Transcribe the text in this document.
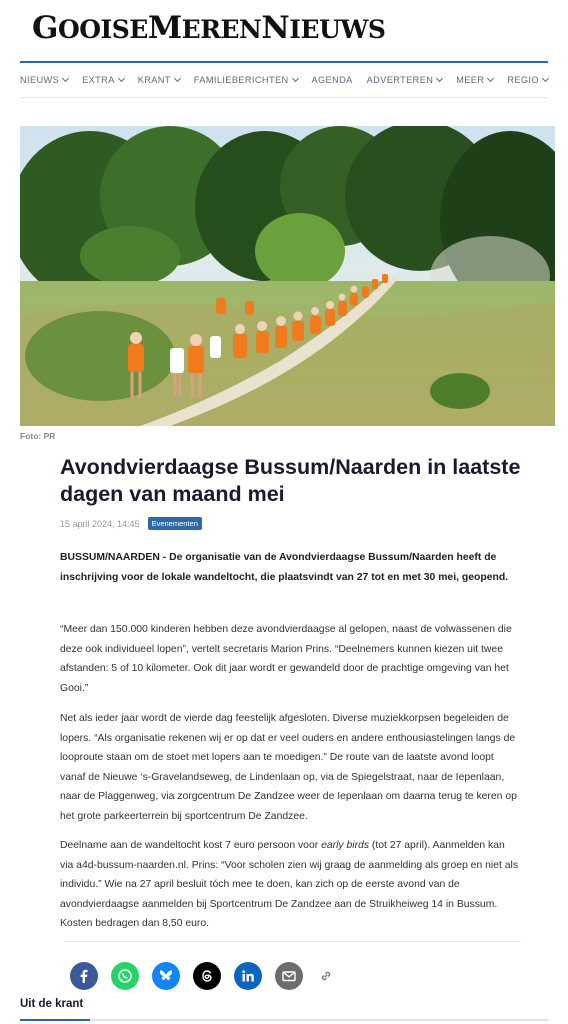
GOOISEMERENNIEUWS
NIEUWS EXTRA KRANT FAMILIEBERICHTEN AGENDA ADVERTEREN MEER REGIO
Foto: PR
Avondvierdaagse Bussum/Naarden in laatste dagen van maand mei
15 april 2024, 14:45	Evenementen

BUSSUM/NAARDEN - De organisatie van de Avondvierdaagse Bussum/Naarden heeft de inschrijving voor de lokale wandeltocht, die plaatsvindt van 27 tot en met 30 mei, geopend.

“Meer dan 150.000 kinderen hebben deze avondvierdaagse al gelopen, naast de volwassenen die deze ook individueel lopen”, vertelt secretaris Marion Prins. “Deelnemers kunnen kiezen uit twee afstanden: 5 of 10 kilometer. Ook dit jaar wordt er gewandeld door de prachtige omgeving van het Gooi.”

Net als ieder jaar wordt de vierde dag feestelijk afgesloten. Diverse muziekkorpsen begeleiden de lopers. “Als organisatie rekenen wij er op dat er veel ouders en andere enthousiastelingen langs de looproute staan om de stoet met lopers aan te moedigen.” De route van de laatste avond loopt vanaf de Nieuwe ‘s-Gravelandseweg, de Lindenlaan op, via de Spiegelstraat, naar de Iepenlaan, naar de Plaggenweg, via zorgcentrum De Zandzee weer de Iepenlaan om daarna terug te keren op het grote parkeerterrein bij sportcentrum De Zandzee.

Deelname aan de wandeltocht kost 7 euro persoon voor early birds (tot 27 april). Aanmelden kan via a4d-bussum-naarden.nl. Prins: “Voor scholen zien wij graag de aanmelding als groep en niet als individu.” Wie na 27 april besluit tóch mee te doen, kan zich op de eerste avond van de avondvierdaagse aanmelden bij Sportcentrum De Zandzee aan de Struikheiweg 14 in Bussum. Kosten bedragen dan 8,50 euro.

Uit de krant
